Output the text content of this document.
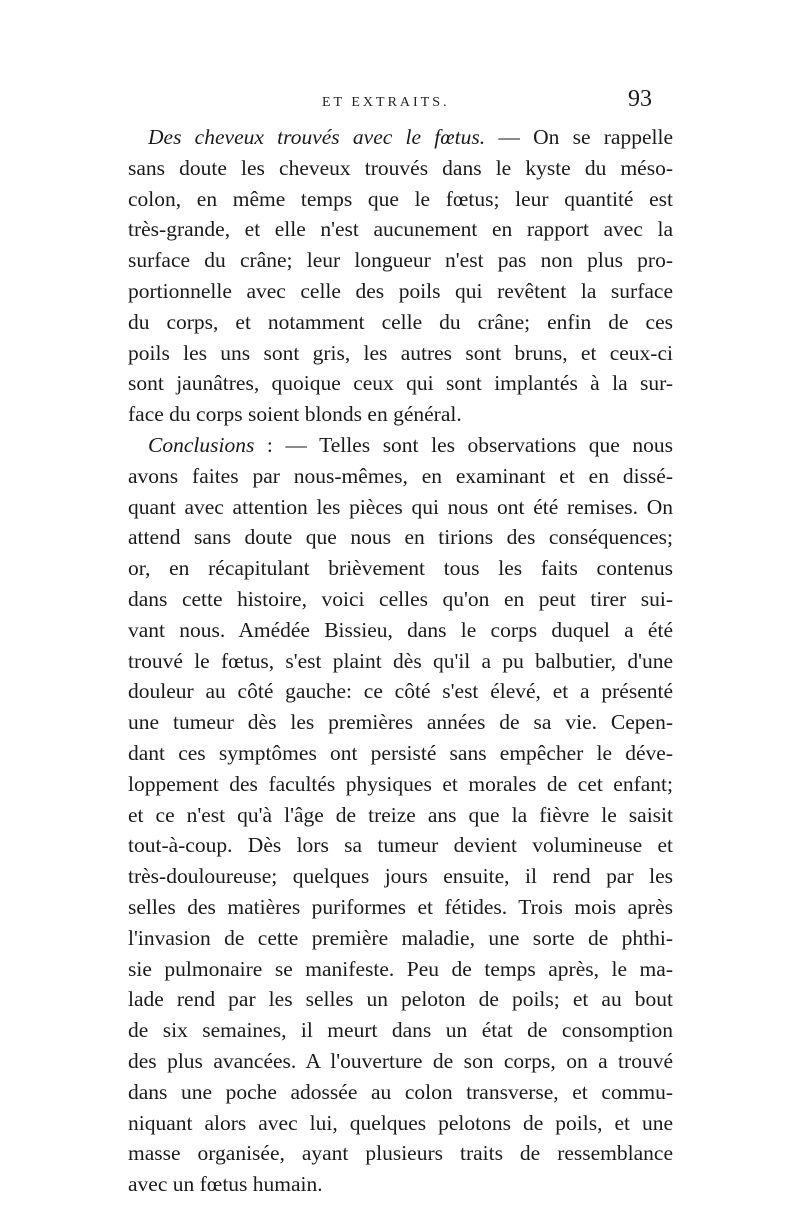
ET EXTRAITS.	93
Des cheveux trouvés avec le fœtus. — On se rappelle
sans doute les cheveux trouvés dans le kyste du méso-
colon, en même temps que le fœtus; leur quantité est
très-grande, et elle n'est aucunement en rapport avec la
surface du crâne; leur longueur n'est pas non plus pro-
portionnelle avec celle des poils qui revêtent la surface
du corps, et notamment celle du crâne; enfin de ces
poils les uns sont gris, les autres sont bruns, et ceux-ci
sont jaunâtres, quoique ceux qui sont implantés à la sur-
face du corps soient blonds en général.
Conclusions : — Telles sont les observations que nous
avons faites par nous-mêmes, en examinant et en dissé-
quant avec attention les pièces qui nous ont été remises. On
attend sans doute que nous en tirions des conséquences;
or, en récapitulant brièvement tous les faits contenus
dans cette histoire, voici celles qu'on en peut tirer sui-
vant nous. Amédée Bissieu, dans le corps duquel a été
trouvé le fœtus, s'est plaint dès qu'il a pu balbutier, d'une
douleur au côté gauche: ce côté s'est élevé, et a présenté
une tumeur dès les premières années de sa vie. Cepen-
dant ces symptômes ont persisté sans empêcher le déve-
loppement des facultés physiques et morales de cet enfant;
et ce n'est qu'à l'âge de treize ans que la fièvre le saisit
tout-à-coup. Dès lors sa tumeur devient volumineuse et
très-douloureuse; quelques jours ensuite, il rend par les
selles des matières puriformes et fétides. Trois mois après
l'invasion de cette première maladie, une sorte de phthi-
sie pulmonaire se manifeste. Peu de temps après, le ma-
lade rend par les selles un peloton de poils; et au bout
de six semaines, il meurt dans un état de consomption
des plus avancées. A l'ouverture de son corps, on a trouvé
dans une poche adossée au colon transverse, et commu-
niquant alors avec lui, quelques pelotons de poils, et une
masse organisée, ayant plusieurs traits de ressemblance
avec un fœtus humain.
